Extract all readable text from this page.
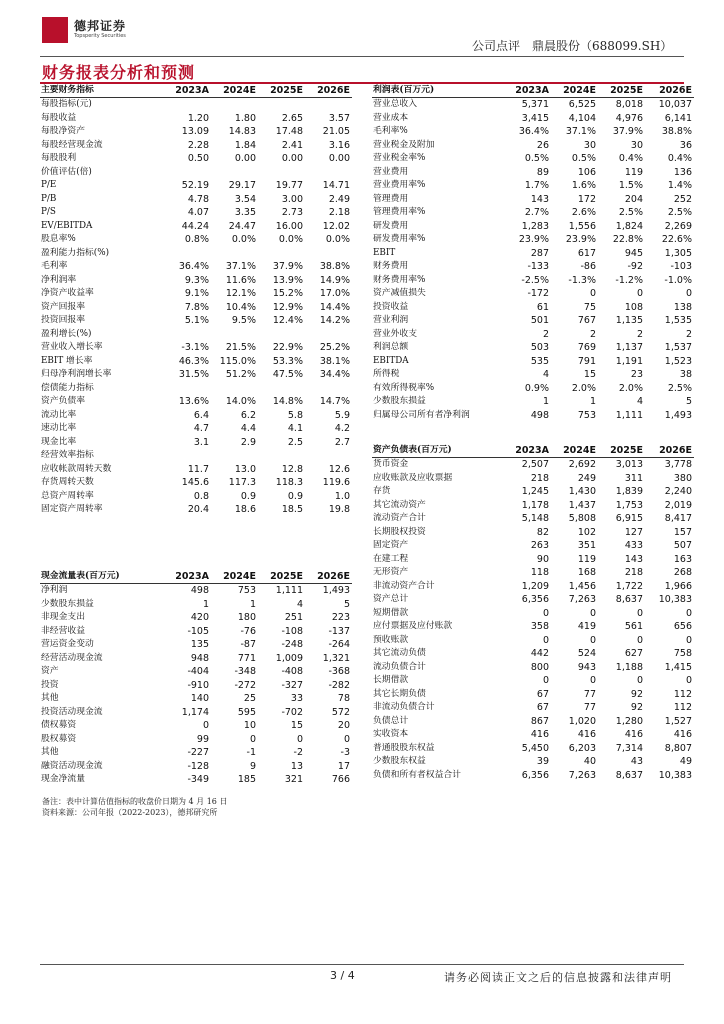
德邦证券
Topsperity Securities
公司点评 鼎晨股份（688099.SH）
财务报表分析和预测
主要财务指标	2023A	2024E	2025E	2026E
每股指标(元)				
每股收益	1.20	1.80	2.65	3.57
每股净资产	13.09	14.83	17.48	21.05
每股经营现金流	2.28	1.84	2.41	3.16
每股股利	0.50	0.00	0.00	0.00
价值评估(倍)				
P/E	52.19	29.17	19.77	14.71
P/B	4.78	3.54	3.00	2.49
P/S	4.07	3.35	2.73	2.18
EV/EBITDA	44.24	24.47	16.00	12.02
股息率%	0.8%	0.0%	0.0%	0.0%
盈利能力指标(%)				
毛利率	36.4%	37.1%	37.9%	38.8%
净利润率	9.3%	11.6%	13.9%	14.9%
净资产收益率	9.1%	12.1%	15.2%	17.0%
资产回报率	7.8%	10.4%	12.9%	14.4%
投资回报率	5.1%	9.5%	12.4%	14.2%
盈利增长(%)				
营业收入增长率	-3.1%	21.5%	22.9%	25.2%
EBIT 增长率	46.3%	115.0%	53.3%	38.1%
归母净利润增长率	31.5%	51.2%	47.5%	34.4%
偿债能力指标				
资产负债率	13.6%	14.0%	14.8%	14.7%
流动比率	6.4	6.2	5.8	5.9
速动比率	4.7	4.4	4.1	4.2
现金比率	3.1	2.9	2.5	2.7
经营效率指标				
应收帐款周转天数	11.7	13.0	12.8	12.6
存货周转天数	145.6	117.3	118.3	119.6
总资产周转率	0.8	0.9	0.9	1.0
固定资产周转率	20.4	18.6	18.5	19.8
利润表(百万元)	2023A	2024E	2025E	2026E
营业总收入	5,371	6,525	8,018	10,037
营业成本	3,415	4,104	4,976	6,141
毛利率%	36.4%	37.1%	37.9%	38.8%
营业税金及附加	26	30	30	36
营业税金率%	0.5%	0.5%	0.4%	0.4%
营业费用	89	106	119	136
营业费用率%	1.7%	1.6%	1.5%	1.4%
管理费用	143	172	204	252
管理费用率%	2.7%	2.6%	2.5%	2.5%
研发费用	1,283	1,556	1,824	2,269
研发费用率%	23.9%	23.9%	22.8%	22.6%
EBIT	287	617	945	1,305
财务费用	-133	-86	-92	-103
财务费用率%	-2.5%	-1.3%	-1.2%	-1.0%
资产减值损失	-172	0	0	0
投资收益	61	75	108	138
营业利润	501	767	1,135	1,535
营业外收支	2	2	2	2
利润总额	503	769	1,137	1,537
EBITDA	535	791	1,191	1,523
所得税	4	15	23	38
有效所得税率%	0.9%	2.0%	2.0%	2.5%
少数股东损益	1	1	4	5
归属母公司所有者净利润	498	753	1,111	1,493
资产负债表(百万元)	2023A	2024E	2025E	2026E
货币资金	2,507	2,692	3,013	3,778
应收账款及应收票据	218	249	311	380
存货	1,245	1,430	1,839	2,240
其它流动资产	1,178	1,437	1,753	2,019
流动资产合计	5,148	5,808	6,915	8,417
长期股权投资	82	102	127	157
固定资产	263	351	433	507
在建工程	90	119	143	163
无形资产	118	168	218	268
非流动资产合计	1,209	1,456	1,722	1,966
资产总计	6,356	7,263	8,637	10,383
短期借款	0	0	0	0
应付票据及应付账款	358	419	561	656
预收账款	0	0	0	0
其它流动负债	442	524	627	758
流动负债合计	800	943	1,188	1,415
长期借款	0	0	0	0
其它长期负债	67	77	92	112
非流动负债合计	67	77	92	112
负债总计	867	1,020	1,280	1,527
实收资本	416	416	416	416
普通股股东权益	5,450	6,203	7,314	8,807
少数股东权益	39	40	43	49
负债和所有者权益合计	6,356	7,263	8,637	10,383
现金流量表(百万元)	2023A	2024E	2025E	2026E
净利润	498	753	1,111	1,493
少数股东损益	1	1	4	5
非现金支出	420	180	251	223
非经营收益	-105	-76	-108	-137
营运资金变动	135	-87	-248	-264
经营活动现金流	948	771	1,009	1,321
资产	-404	-348	-408	-368
投资	-910	-272	-327	-282
其他	140	25	33	78
投资活动现金流	1,174	595	-702	572
债权募资	0	10	15	20
股权募资	99	0	0	0
其他	-227	-1	-2	-3
融资活动现金流	-128	9	13	17
现金净流量	-349	185	321	766
备注：表中计算估值指标的收盘价日期为 4 月 16 日
资料来源：公司年报（2022-2023），德邦研究所
3 / 4	请务必阅读正文之后的信息披露和法律声明
